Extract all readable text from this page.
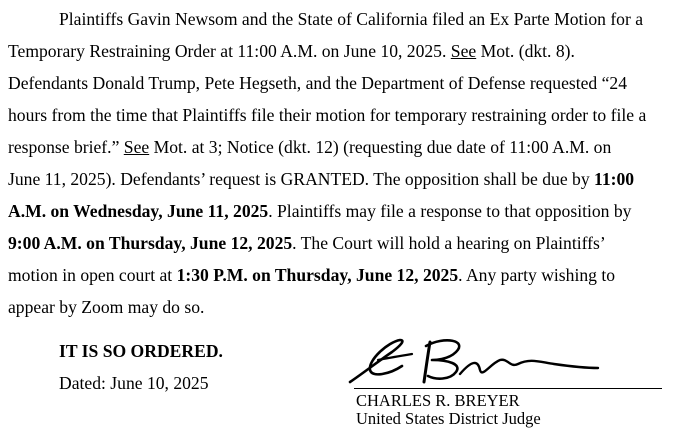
Plaintiffs Gavin Newsom and the State of California filed an Ex Parte Motion for a
Temporary Restraining Order at 11:00 A.M. on June 10, 2025. See Mot. (dkt. 8).
Defendants Donald Trump, Pete Hegseth, and the Department of Defense requested “24
hours from the time that Plaintiffs file their motion for temporary restraining order to file a
response brief.” See Mot. at 3; Notice (dkt. 12) (requesting due date of 11:00 A.M. on
June 11, 2025). Defendants’ request is GRANTED. The opposition shall be due by 11:00
A.M. on Wednesday, June 11, 2025. Plaintiffs may file a response to that opposition by
9:00 A.M. on Thursday, June 12, 2025. The Court will hold a hearing on Plaintiffs’
motion in open court at 1:30 P.M. on Thursday, June 12, 2025. Any party wishing to
appear by Zoom may do so.
IT IS SO ORDERED.
Dated: June 10, 2025
CHARLES R. BREYER
United States District Judge
